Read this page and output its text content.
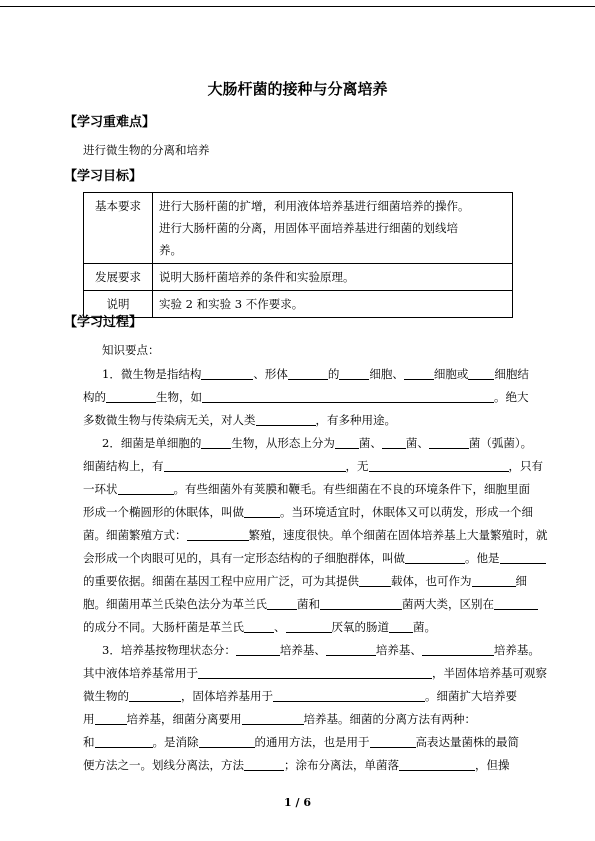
大肠杆菌的接种与分离培养
【学习重难点】
进行微生物的分离和培养
【学习目标】
基本要求	进行大肠杆菌的扩增，利用液体培养基进行细菌培养的操作。
进行大肠杆菌的分离，用固体平面培养基进行细菌的划线培
养。

发展要求	说明大肠杆菌培养的条件和实验原理。

说明	实验 2 和实验 3 不作要求。
【学习过程】
知识要点：
1．微生物是指结构	、形体	的	细胞、	细胞或 细胞结
构的	生物，如	。绝大
多数微生物与传染病无关，对人类	，有多种用途。
2．细菌是单细胞的	生物，从形态上分为 菌、 菌、	菌（弧菌）。
细菌结构上，有	，无	，只有
一环状	。有些细菌外有荚膜和鞭毛。有些细菌在不良的环境条件下，细胞里面
形成一个椭圆形的休眠体，叫做	。当环境适宜时，休眠体又可以萌发，形成一个细
菌。细菌繁殖方式：	繁殖，速度很快。单个细菌在固体培养基上大量繁殖时，就
会形成一个肉眼可见的，具有一定形态结构的子细胞群体，叫做	。他是
的重要依据。细菌在基因工程中应用广泛，可为其提供	载体，也可作为	细
胞。细菌用革兰氏染色法分为革兰氏	菌和	菌两大类，区别在
的成分不同。大肠杆菌是革兰氏	、	厌氧的肠道 菌。
3．培养基按物理状态分：	培养基、	培养基、	培养基。
其中液体培养基常用于	，半固体培养基可观察
微生物的	，固体培养基用于	。细菌扩大培养要
用	培养基，细菌分离要用	培养基。细菌的分离方法有两种：
和	。是消除	的通用方法，也是用于	高表达量菌株的最简
便方法之一。划线分离法，方法	；涂布分离法，单菌落	，但操
1 / 6
